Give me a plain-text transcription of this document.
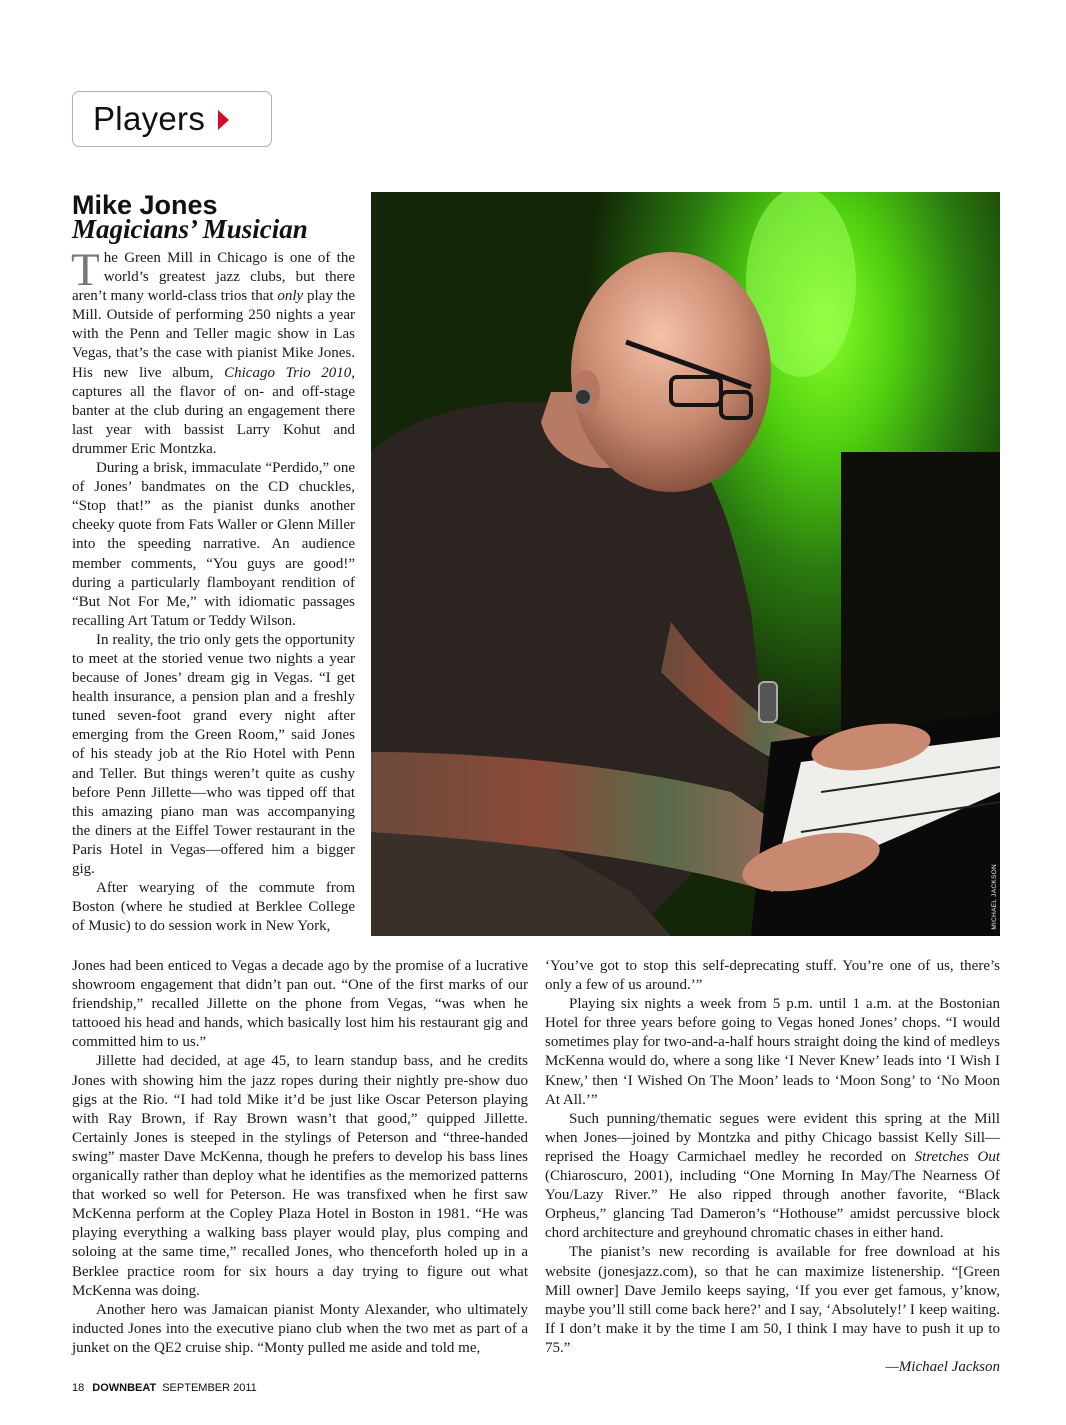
Players
Mike Jones
Magicians’ Musician

The Green Mill in Chicago is one of the world’s greatest jazz clubs, but there aren’t many world-class trios that only play the Mill. Outside of performing 250 nights a year with the Penn and Teller magic show in Las Vegas, that’s the case with pianist Mike Jones. His new live album, Chicago Trio 2010, captures all the flavor of on- and off-stage banter at the club during an engagement there last year with bassist Larry Kohut and drummer Eric Montzka.

During a brisk, immaculate “Perdido,” one of Jones’ bandmates on the CD chuckles, “Stop that!” as the pianist dunks another cheeky quote from Fats Waller or Glenn Miller into the speeding narrative. An audience member comments, “You guys are good!” during a particularly flamboyant rendition of “But Not For Me,” with idiomatic passages recalling Art Tatum or Teddy Wilson.

In reality, the trio only gets the opportunity to meet at the storied venue two nights a year because of Jones’ dream gig in Vegas. “I get health insurance, a pension plan and a freshly tuned seven-foot grand every night after emerging from the Green Room,” said Jones of his steady job at the Rio Hotel with Penn and Teller. But things weren’t quite as cushy before Penn Jillette—who was tipped off that this amazing piano man was accompanying the diners at the Eiffel Tower restaurant in the Paris Hotel in Vegas—offered him a bigger gig.

After wearying of the commute from Boston (where he studied at Berklee College of Music) to do session work in New York,

Jones had been enticed to Vegas a decade ago by the promise of a lucrative showroom engagement that didn’t pan out. “One of the first marks of our friendship,” recalled Jillette on the phone from Vegas, “was when he tattooed his head and hands, which basically lost him his restaurant gig and committed him to us.”

Jillette had decided, at age 45, to learn standup bass, and he credits Jones with showing him the jazz ropes during their nightly pre-show duo gigs at the Rio. “I had told Mike it’d be just like Oscar Peterson playing with Ray Brown, if Ray Brown wasn’t that good,” quipped Jillette. Certainly Jones is steeped in the stylings of Peterson and “three-handed swing” master Dave McKenna, though he prefers to develop his bass lines organically rather than deploy what he identifies as the memorized patterns that worked so well for Peterson. He was transfixed when he first saw McKenna perform at the Copley Plaza Hotel in Boston in 1981. “He was playing everything a walking bass player would play, plus comping and soloing at the same time,” recalled Jones, who thenceforth holed up in a Berklee practice room for six hours a day trying to figure out what McKenna was doing.

Another hero was Jamaican pianist Monty Alexander, who ultimately inducted Jones into the executive piano club when the two met as part of a junket on the QE2 cruise ship. “Monty pulled me aside and told me,

‘You’ve got to stop this self-deprecating stuff. You’re one of us, there’s only a few of us around.’”

Playing six nights a week from 5 p.m. until 1 a.m. at the Bostonian Hotel for three years before going to Vegas honed Jones’ chops. “I would sometimes play for two-and-a-half hours straight doing the kind of medleys McKenna would do, where a song like ‘I Never Knew’ leads into ‘I Wish I Knew,’ then ‘I Wished On The Moon’ leads to ‘Moon Song’ to ‘No Moon At All.’”

Such punning/thematic segues were evident this spring at the Mill when Jones—joined by Montzka and pithy Chicago bassist Kelly Sill—reprised the Hoagy Carmichael medley he recorded on Stretches Out (Chiaroscuro, 2001), including “One Morning In May/The Nearness Of You/Lazy River.” He also ripped through another favorite, “Black Orpheus,” glancing Tad Dameron’s “Hothouse” amidst percussive block chord architecture and greyhound chromatic chases in either hand.

The pianist’s new recording is available for free download at his website (jonesjazz.com), so that he can maximize listenership. “[Green Mill owner] Dave Jemilo keeps saying, ‘If you ever get famous, y’know, maybe you’ll still come back here?’ and I say, ‘Absolutely!’ I keep waiting. If I don’t make it by the time I am 50, I think I may have to push it up to 75.”

—Michael Jackson
MICHAEL JACKSON
18 DOWNBEAT SEPTEMBER 2011
